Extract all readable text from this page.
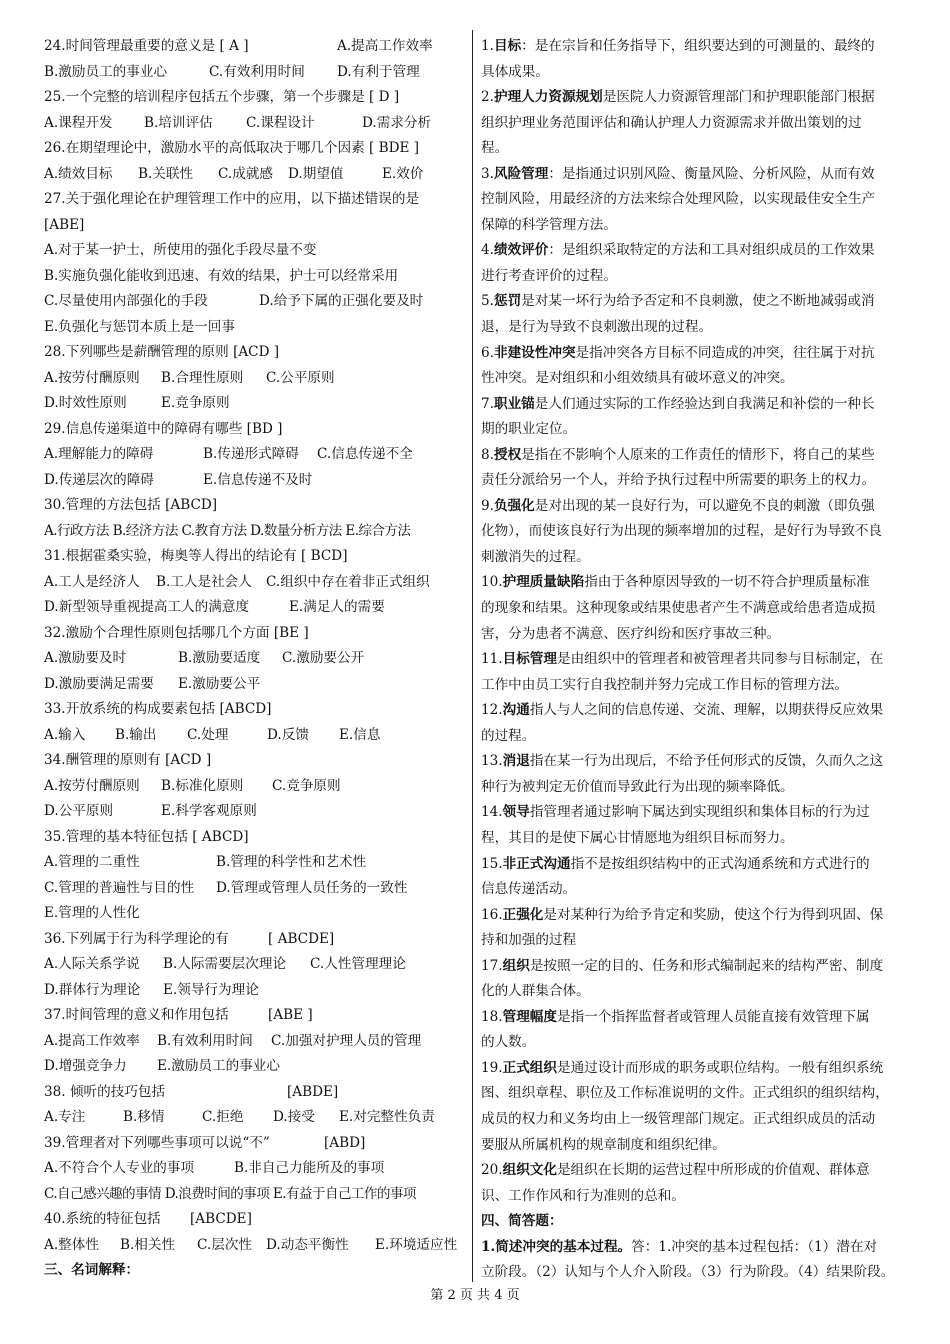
24.时间管理最重要的意义是 [ A ]	A.提高工作效率
B.激励员工的事业心	C.有效利用时间 D.有利于管理
25.一个完整的培训程序包括五个步骤，第一个步骤是 [ D ]
A.课程开发 B.培训评估 C.课程设计	D.需求分析
26.在期望理论中，激励水平的高低取决于哪几个因素 [ BDE ]
A.绩效目标 B.关联性 C.成就感 D.期望值	E.效价
27.关于强化理论在护理管理工作中的应用，以下描述错误的是
[ABE]
A.对于某一护士，所使用的强化手段尽量不变
B.实施负强化能收到迅速、有效的结果，护士可以经常采用
C.尽量使用内部强化的手段	D.给予下属的正强化要及时
E.负强化与惩罚本质上是一回事
28.下列哪些是薪酬管理的原则 [ACD ]
A.按劳付酬原则 B.合理性原则 C.公平原则
D.时效性原则	E.竞争原则
29.信息传递渠道中的障碍有哪些 [BD ]
A.理解能力的障碍	B.传递形式障碍 C.信息传递不全
D.传递层次的障碍	E.信息传递不及时
30.管理的方法包括 [ABCD]
A.行政方法 B.经济方法 C.教育方法 D.数量分析方法 E.综合方法
31.根据霍桑实验，梅奥等人得出的结论有 [ BCD]
A.工人是经济人 B.工人是社会人 C.组织中存在着非正式组织
D.新型领导重视提高工人的满意度	E.满足人的需要
32.激励个合理性原则包括哪几个方面 [BE ]
A.激励要及时	B.激励要适度 C.激励要公开
D.激励要满足需要 E.激励要公平
33.开放系统的构成要素包括 [ABCD]
A.输入 B.输出 C.处理	D.反馈 E.信息
34.酬管理的原则有 [ACD ]
A.按劳付酬原则 B.标准化原则 C.竞争原则
D.公平原则	E.科学客观原则
35.管理的基本特征包括 [ ABCD]
A.管理的二重性	B.管理的科学性和艺术性
C.管理的普遍性与目的性 D.管理或管理人员任务的一致性
E.管理的人性化
36.下列属于行为科学理论的有	[ ABCDE]
A.人际关系学说 B.人际需要层次理论 C.人性管理理论
D.群体行为理论 E.领导行为理论
37.时间管理的意义和作用包括	[ABE ]
A.提高工作效率 B.有效利用时间 C.加强对护理人员的管理
D.增强竞争力 E.激励员工的事业心
38. 倾听的技巧包括	[ABDE]
A.专注	B.移情	C.拒绝 D.接受 E.对完整性负责
39.管理者对下列哪些事项可以说“不”	[ABD]
A.不符合个人专业的事项	B.非自己力能所及的事项
C.自己感兴趣的事情 D.浪费时间的事项 E.有益于自己工作的事项
40.系统的特征包括 [ABCDE]
A.整体性 B.相关性 C.层次性 D.动态平衡性 E.环境适应性
三、名词解释：
1.目标：是在宗旨和任务指导下，组织要达到的可测量的、最终的
具体成果。
2.护理人力资源规划是医院人力资源管理部门和护理职能部门根据
组织护理业务范围评估和确认护理人力资源需求并做出策划的过
程。
3.风险管理：是指通过识别风险、衡量风险、分析风险，从而有效
控制风险，用最经济的方法来综合处理风险，以实现最佳安全生产
保障的科学管理方法。
4.绩效评价：是组织采取特定的方法和工具对组织成员的工作效果
进行考查评价的过程。
5.惩罚是对某一坏行为给予否定和不良刺激，使之不断地减弱或消
退，是行为导致不良刺激出现的过程。
6.非建设性冲突是指冲突各方目标不同造成的冲突，往往属于对抗
性冲突。是对组织和小组效绩具有破坏意义的冲突。
7.职业锚是人们通过实际的工作经验达到自我满足和补偿的一种长
期的职业定位。
8.授权是指在不影响个人原来的工作责任的情形下，将自己的某些
责任分派给另一个人，并给予执行过程中所需要的职务上的权力。
9.负强化是对出现的某一良好行为，可以避免不良的刺激（即负强
化物），而使该良好行为出现的频率增加的过程，是好行为导致不良
刺激消失的过程。
10.护理质量缺陷指由于各种原因导致的一切不符合护理质量标准
的现象和结果。这种现象或结果使患者产生不满意或给患者造成损
害，分为患者不满意、医疗纠纷和医疗事故三种。
11.目标管理是由组织中的管理者和被管理者共同参与目标制定，在
工作中由员工实行自我控制并努力完成工作目标的管理方法。
12.沟通指人与人之间的信息传递、交流、理解，以期获得反应效果
的过程。
13.消退指在某一行为出现后，不给予任何形式的反馈，久而久之这
种行为被判定无价值而导致此行为出现的频率降低。
14.领导指管理者通过影响下属达到实现组织和集体目标的行为过
程，其目的是使下属心甘情愿地为组织目标而努力。
15.非正式沟通指不是按组织结构中的正式沟通系统和方式进行的
信息传递活动。
16.正强化是对某种行为给予肯定和奖励，使这个行为得到巩固、保
持和加强的过程
17.组织是按照一定的目的、任务和形式编制起来的结构严密、制度
化的人群集合体。
18.管理幅度是指一个指挥监督者或管理人员能直接有效管理下属
的人数。
19.正式组织是通过设计而形成的职务或职位结构。一般有组织系统
图、组织章程、职位及工作标准说明的文件。正式组织的组织结构，
成员的权力和义务均由上一级管理部门规定。正式组织成员的活动
要服从所属机构的规章制度和组织纪律。
20.组织文化是组织在长期的运营过程中所形成的价值观、群体意
识、工作作风和行为准则的总和。
四、简答题：
1.简述冲突的基本过程。答：1.冲突的基本过程包括：（1）潜在对
立阶段。（2）认知与个人介入阶段。（3）行为阶段。（4）结果阶段。
第 2 页 共 4 页
